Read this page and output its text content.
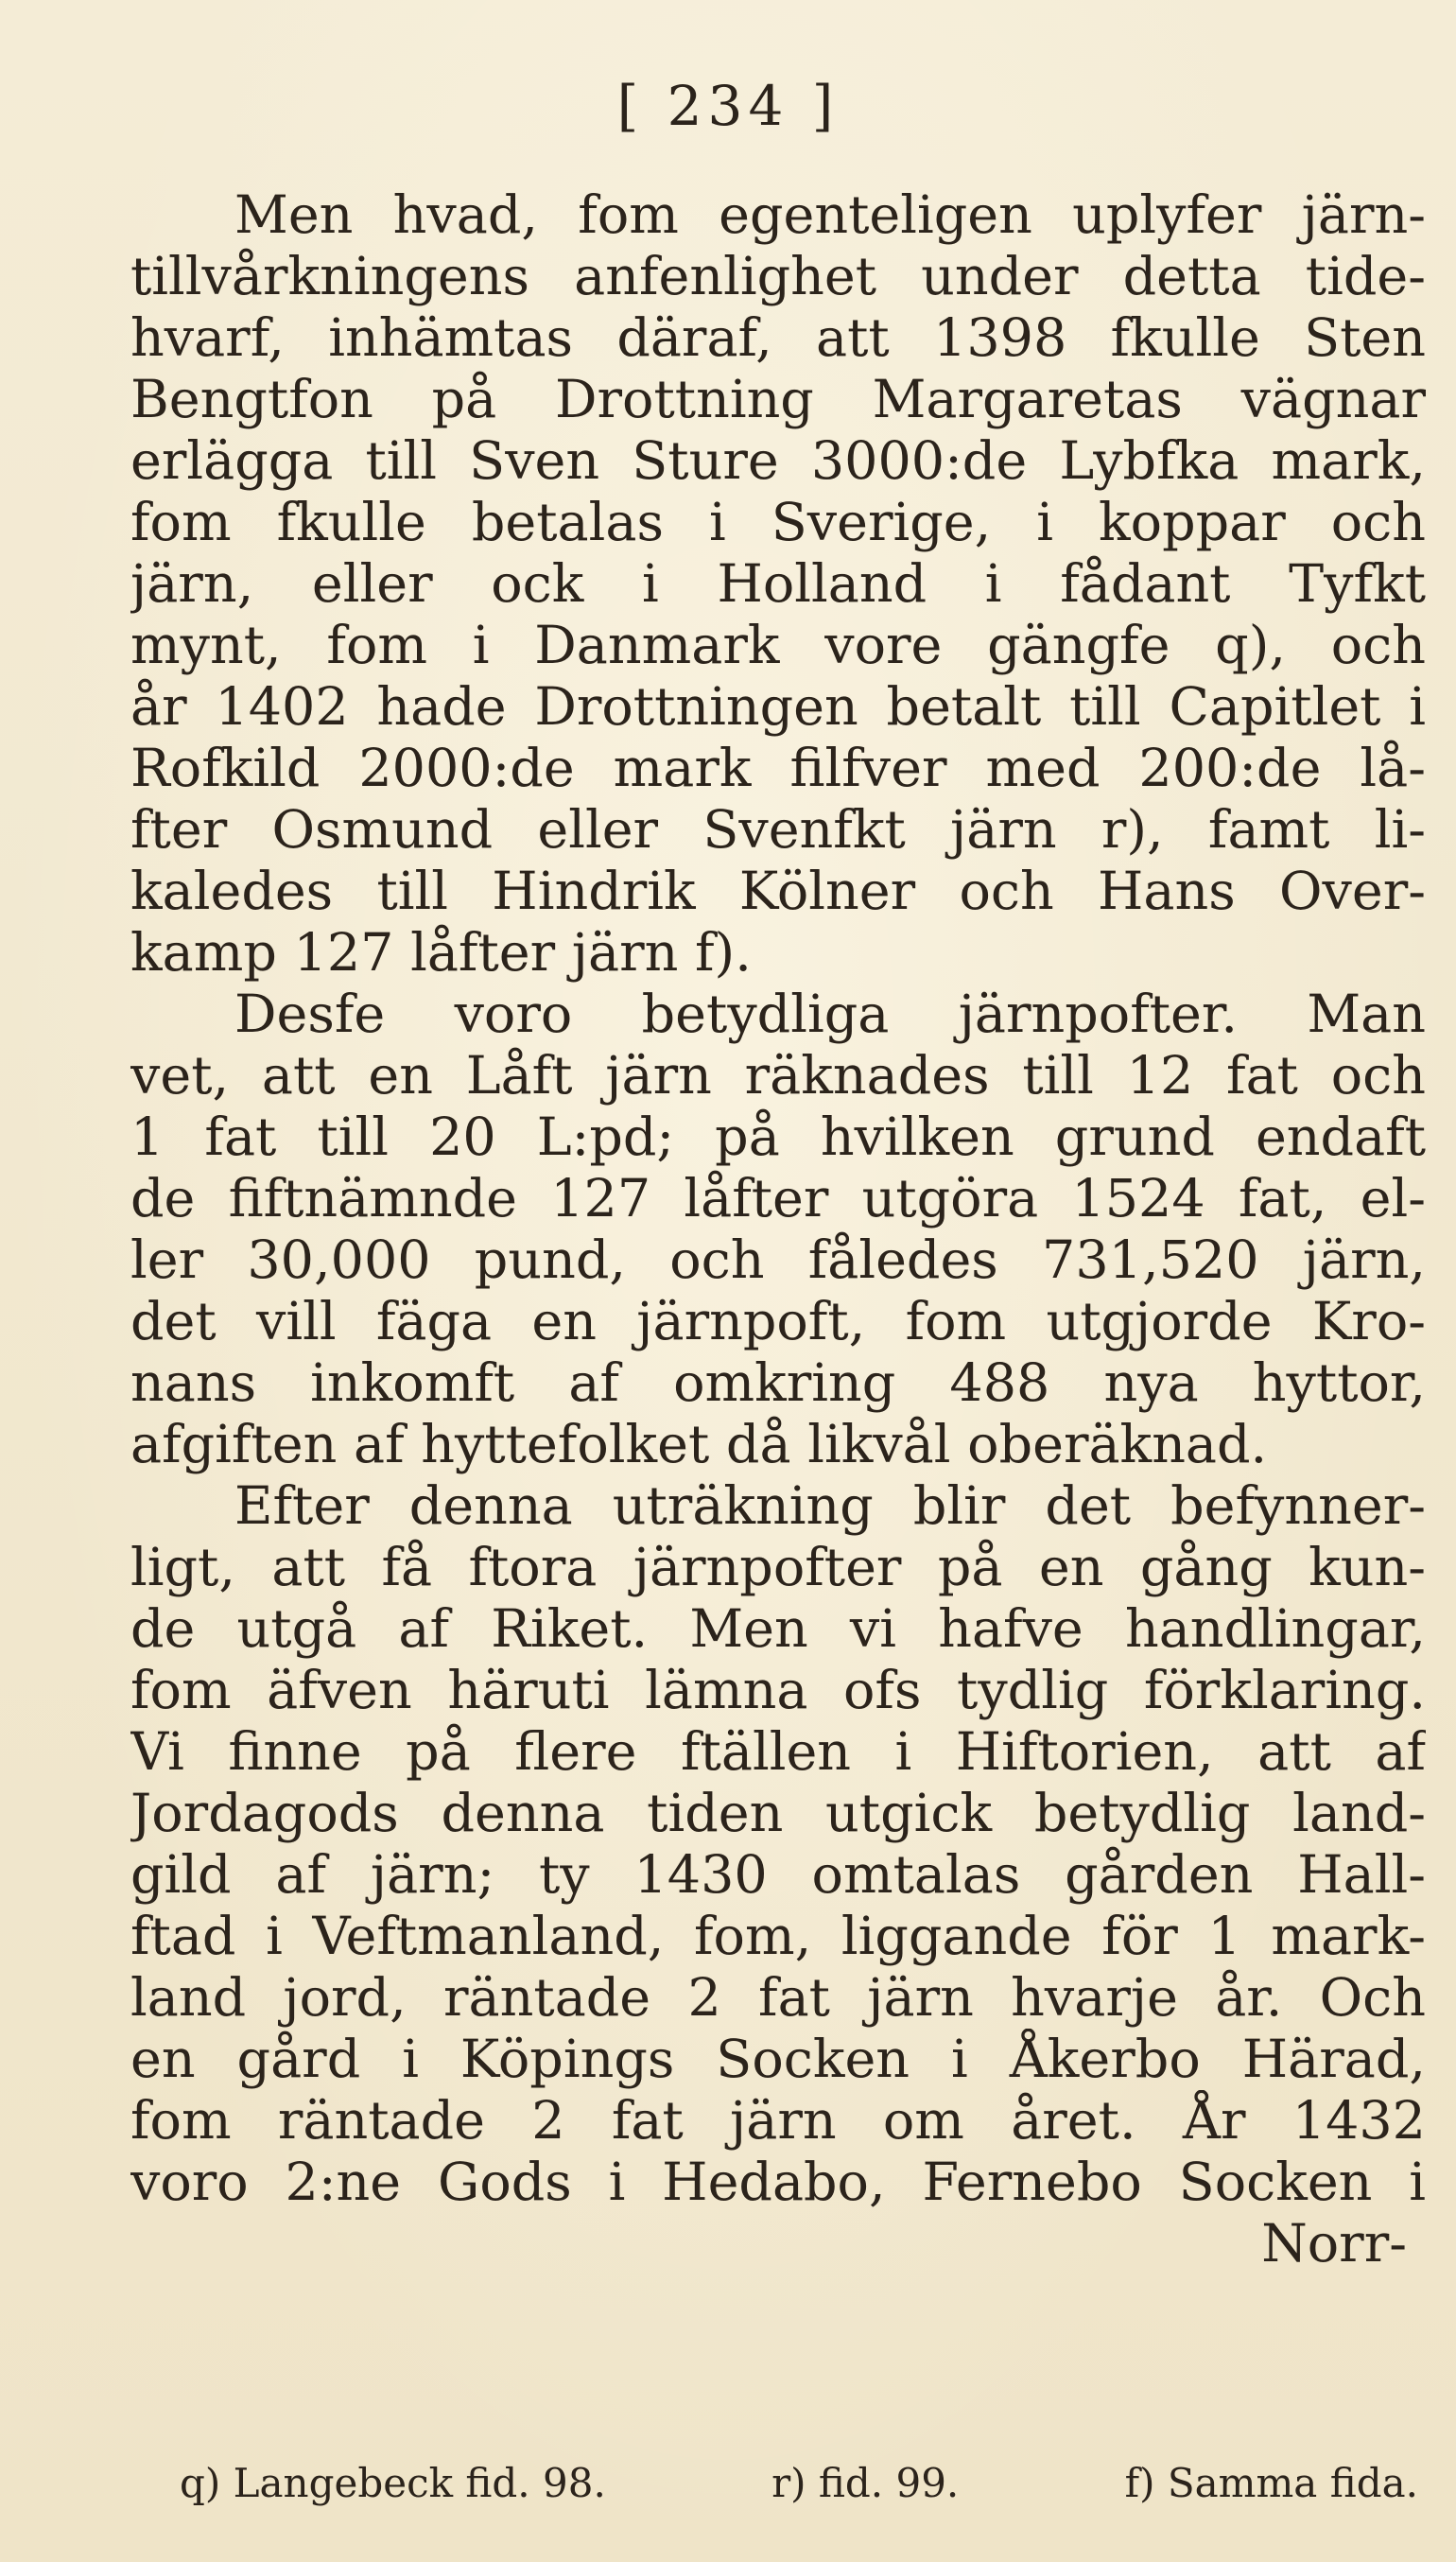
[ 234 ]
Men hvad, fom egenteligen uplyfer järn-
tillvårkningens anfenlighet under detta tide-
hvarf, inhämtas däraf, att 1398 fkulle Sten
Bengtfon på Drottning Margaretas vägnar
erlägga till Sven Sture 3000:de Lybfka mark,
fom fkulle betalas i Sverige, i koppar och
järn, eller ock i Holland i fådant Tyfkt
mynt, fom i Danmark vore gängfe q), och
år 1402 hade Drottningen betalt till Capitlet i
Rofkild 2000:de mark filfver med 200:de lå-
fter Osmund eller Svenfkt järn r), famt li-
kaledes till Hindrik Kölner och Hans Over-
kamp 127 låfter järn f).
Desfe voro betydliga järnpofter. Man
vet, att en Låft järn räknades till 12 fat och
1 fat till 20 L:pd; på hvilken grund endaft
de fiftnämnde 127 låfter utgöra 1524 fat, el-
ler 30,000 pund, och fåledes 731,520 järn,
det vill fäga en järnpoft, fom utgjorde Kro-
nans inkomft af omkring 488 nya hyttor,
afgiften af hyttefolket då likvål oberäknad.
Efter denna uträkning blir det befynner-
ligt, att få ftora järnpofter på en gång kun-
de utgå af Riket. Men vi hafve handlingar,
fom äfven häruti lämna ofs tydlig förklaring.
Vi finne på flere ftällen i Hiftorien, att af
Jordagods denna tiden utgick betydlig land-
gild af järn; ty 1430 omtalas gården Hall-
ftad i Veftmanland, fom, liggande för 1 mark-
land jord, räntade 2 fat järn hvarje år. Och
en gård i Köpings Socken i Åkerbo Härad,
fom räntade 2 fat järn om året. År 1432
voro 2:ne Gods i Hedabo, Fernebo Socken i
Norr-
q) Langebeck fid. 98.	r) fid. 99.	f) Samma fida.
